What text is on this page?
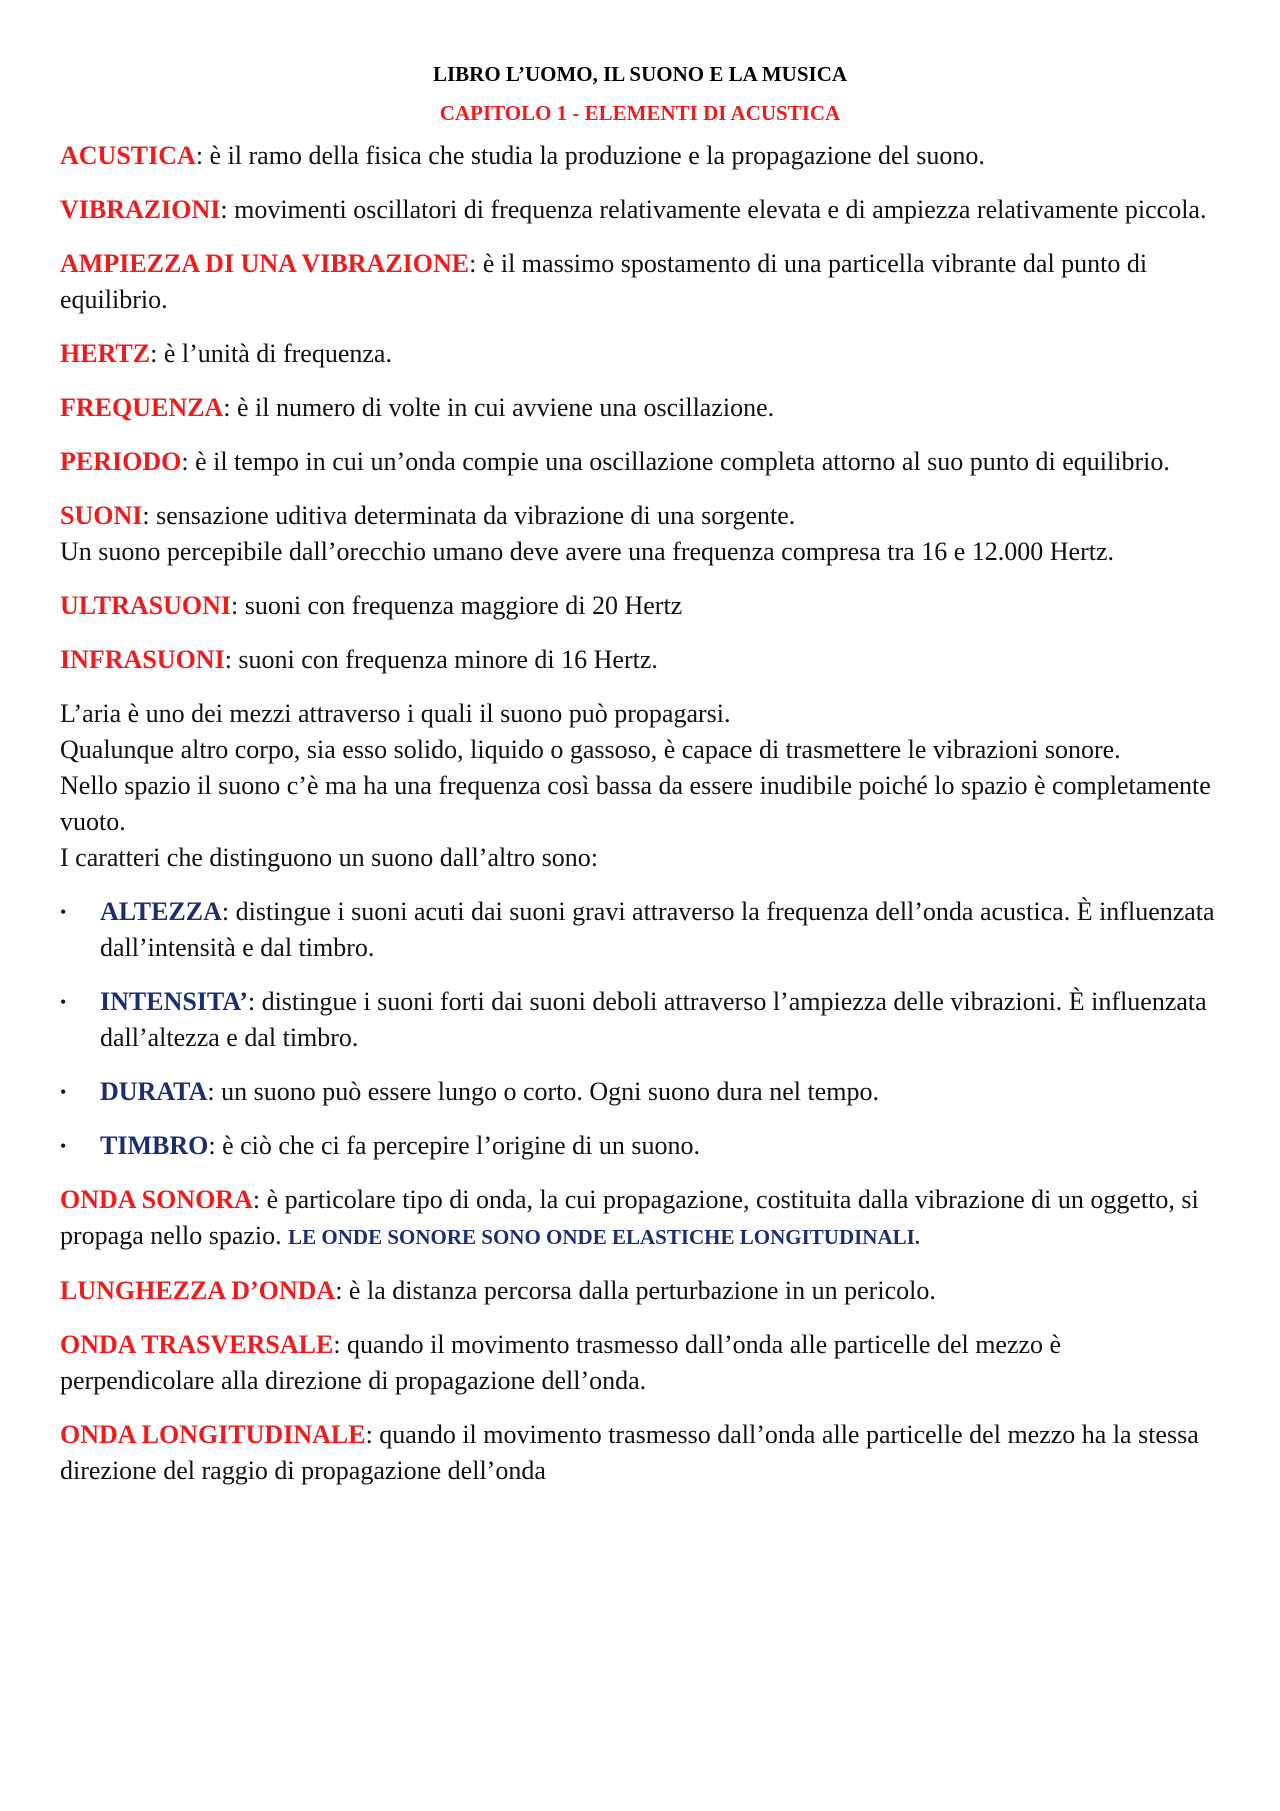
LIBRO L’UOMO, IL SUONO E LA MUSICA
CAPITOLO 1 - ELEMENTI DI ACUSTICA

ACUSTICA: è il ramo della fisica che studia la produzione e la propagazione del suono.

VIBRAZIONI: movimenti oscillatori di frequenza relativamente elevata e di ampiezza relativamente piccola.

AMPIEZZA DI UNA VIBRAZIONE: è il massimo spostamento di una particella vibrante dal punto di equilibrio.

HERTZ: è l’unità di frequenza.

FREQUENZA: è il numero di volte in cui avviene una oscillazione.

PERIODO: è il tempo in cui un’onda compie una oscillazione completa attorno al suo punto di equilibrio.

SUONI: sensazione uditiva determinata da vibrazione di una sorgente.
Un suono percepibile dall’orecchio umano deve avere una frequenza compresa tra 16 e 12.000 Hertz.

ULTRASUONI: suoni con frequenza maggiore di 20 Hertz

INFRASUONI: suoni con frequenza minore di 16 Hertz.

L’aria è uno dei mezzi attraverso i quali il suono può propagarsi.
Qualunque altro corpo, sia esso solido, liquido o gassoso, è capace di trasmettere le vibrazioni sonore.
Nello spazio il suono c’è ma ha una frequenza così bassa da essere inudibile poiché lo spazio è completamente vuoto.
I caratteri che distinguono un suono dall’altro sono:

• ALTEZZA: distingue i suoni acuti dai suoni gravi attraverso la frequenza dell’onda acustica. È influenzata dall’intensità e dal timbro.
• INTENSITA’: distingue i suoni forti dai suoni deboli attraverso l’ampiezza delle vibrazioni. È influenzata dall’altezza e dal timbro.
• DURATA: un suono può essere lungo o corto. Ogni suono dura nel tempo.
• TIMBRO: è ciò che ci fa percepire l’origine di un suono.

ONDA SONORA: è particolare tipo di onda, la cui propagazione, costituita dalla vibrazione di un oggetto, si propaga nello spazio. LE ONDE SONORE SONO ONDE ELASTICHE LONGITUDINALI.

LUNGHEZZA D’ONDA: è la distanza percorsa dalla perturbazione in un pericolo.

ONDA TRASVERSALE: quando il movimento trasmesso dall’onda alle particelle del mezzo è perpendicolare alla direzione di propagazione dell’onda.

ONDA LONGITUDINALE: quando il movimento trasmesso dall’onda alle particelle del mezzo ha la stessa direzione del raggio di propagazione dell’onda
